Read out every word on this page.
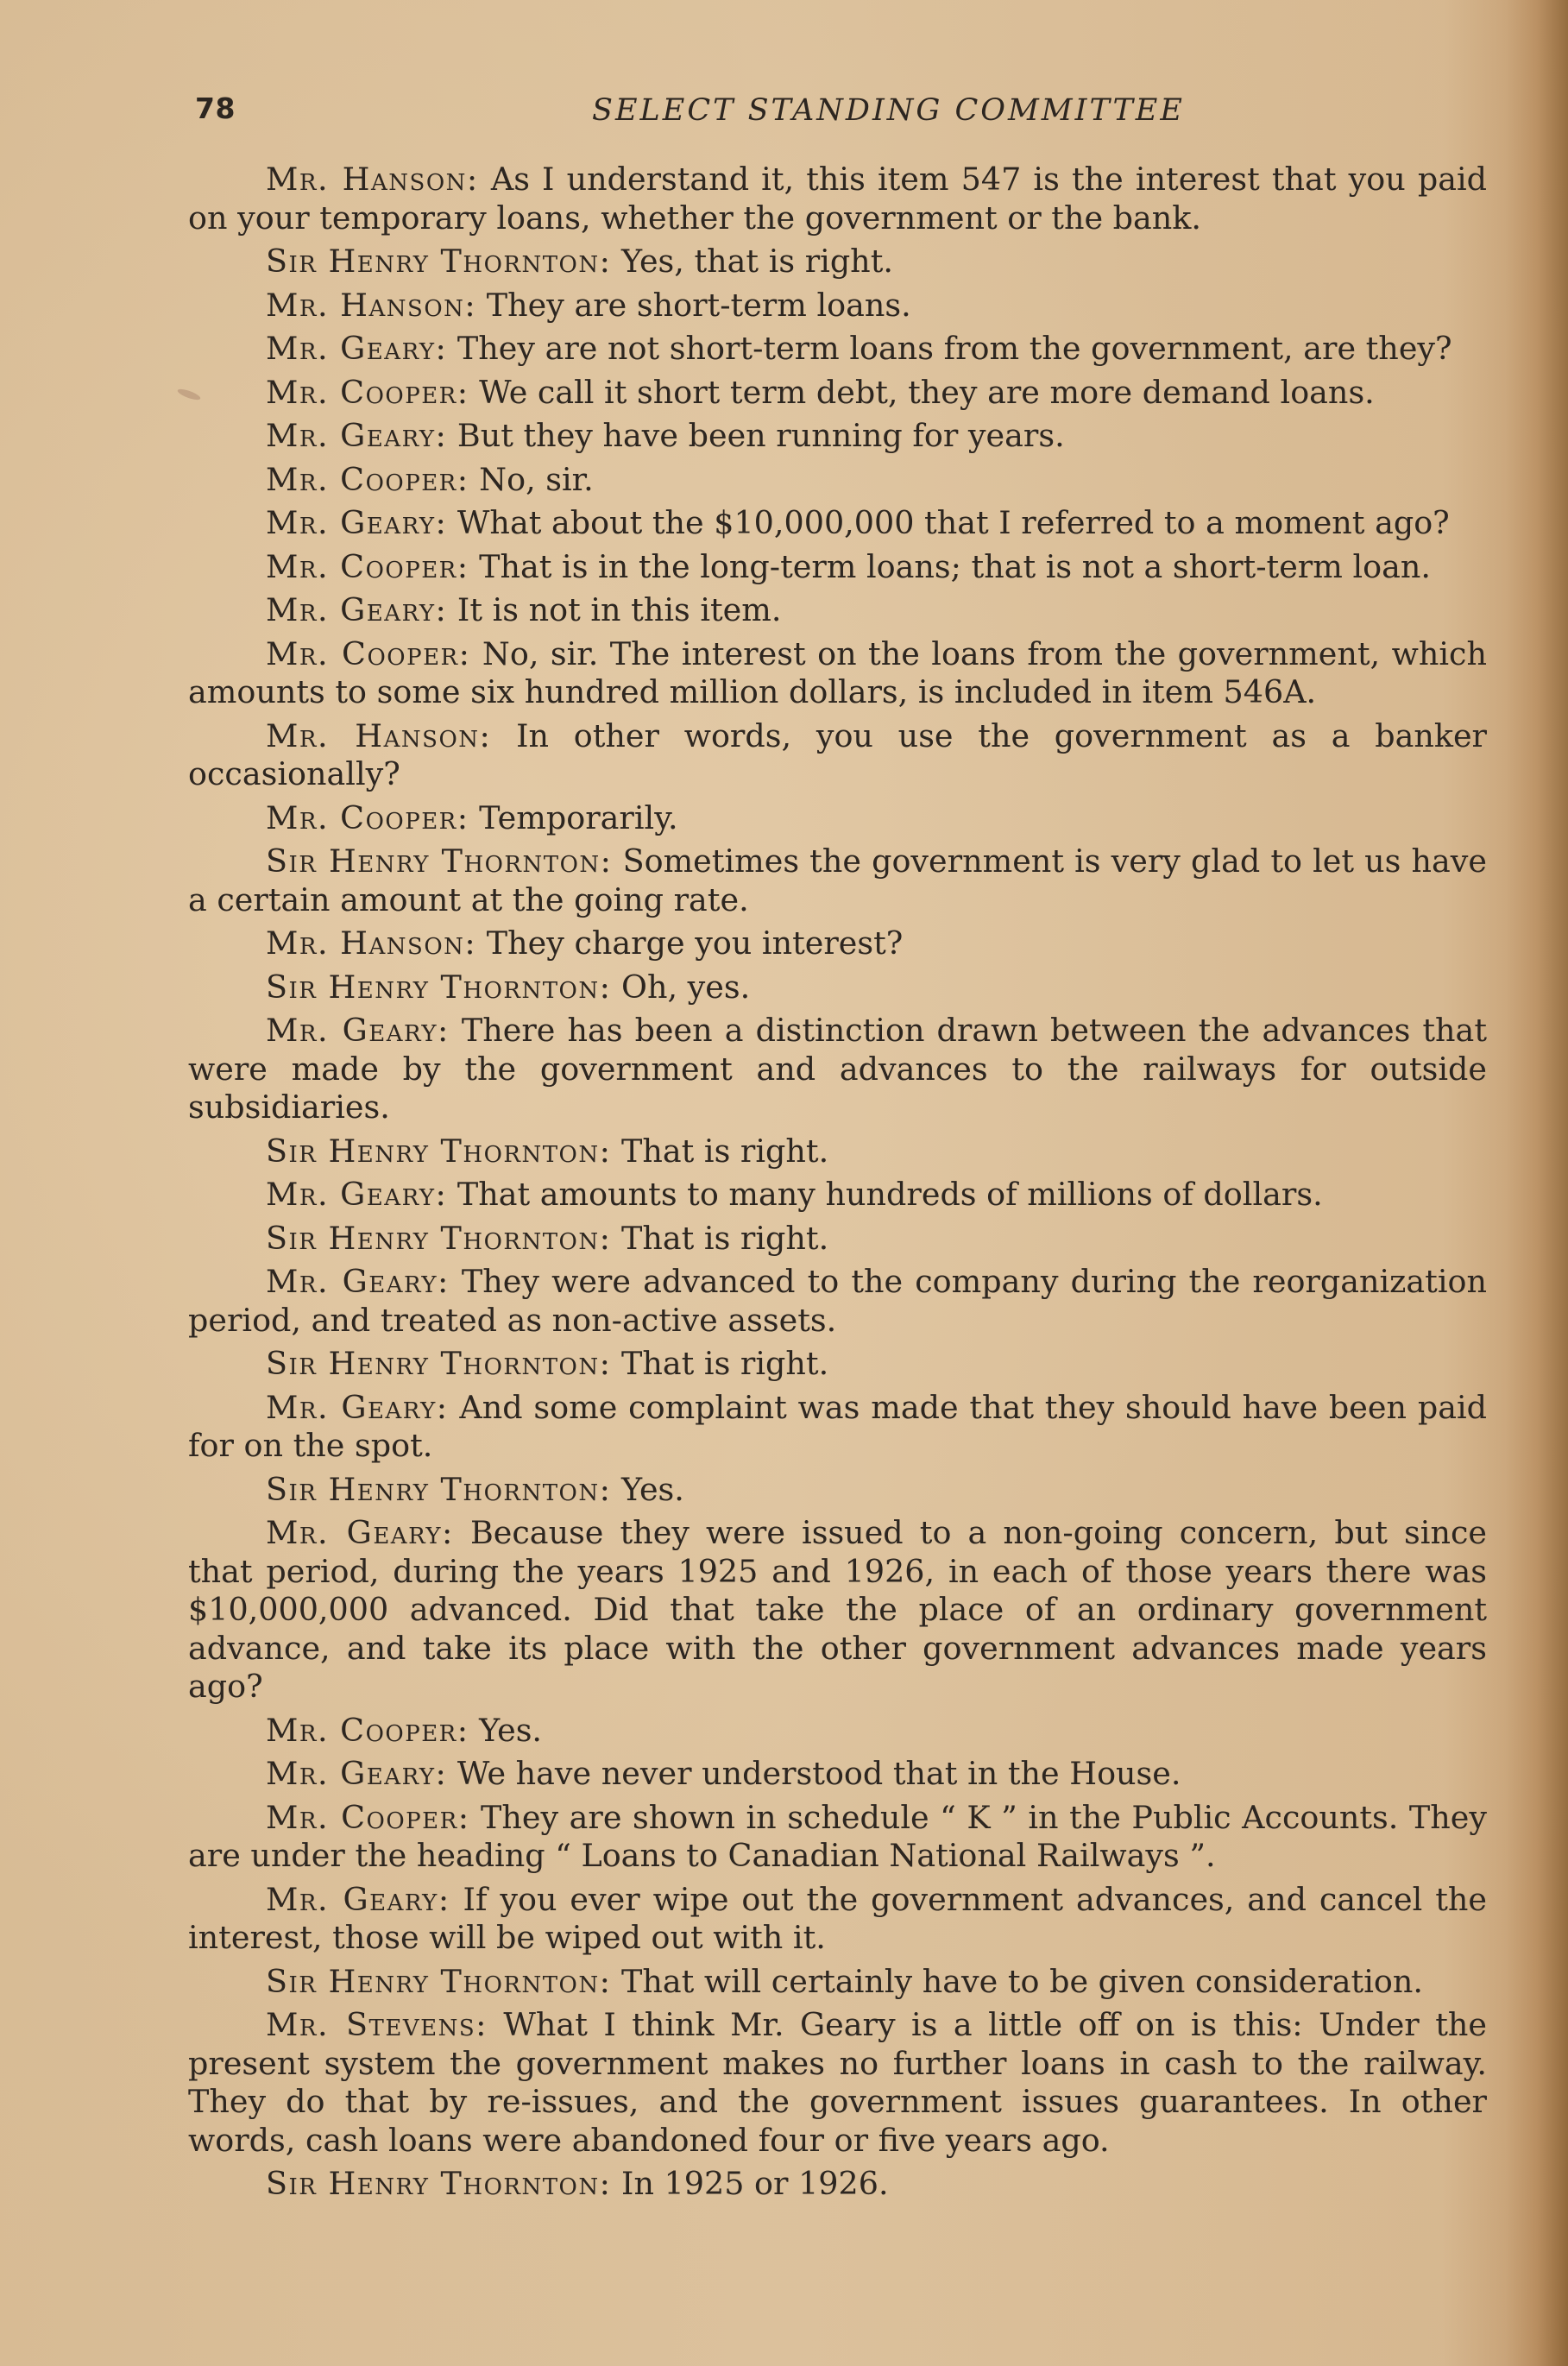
78	SELECT STANDING COMMITTEE

Mr. Hanson: As I understand it, this item 547 is the interest that you paid on your temporary loans, whether the government or the bank.

Sir Henry Thornton: Yes, that is right.

Mr. Hanson: They are short-term loans.

Mr. Geary: They are not short-term loans from the government, are they?

Mr. Cooper: We call it short term debt, they are more demand loans.

Mr. Geary: But they have been running for years.

Mr. Cooper: No, sir.

Mr. Geary: What about the $10,000,000 that I referred to a moment ago?

Mr. Cooper: That is in the long-term loans; that is not a short-term loan.

Mr. Geary: It is not in this item.

Mr. Cooper: No, sir. The interest on the loans from the government, which amounts to some six hundred million dollars, is included in item 546A.

Mr. Hanson: In other words, you use the government as a banker occasionally?

Mr. Cooper: Temporarily.

Sir Henry Thornton: Sometimes the government is very glad to let us have a certain amount at the going rate.

Mr. Hanson: They charge you interest?

Sir Henry Thornton: Oh, yes.

Mr. Geary: There has been a distinction drawn between the advances that were made by the government and advances to the railways for outside subsidiaries.

Sir Henry Thornton: That is right.

Mr. Geary: That amounts to many hundreds of millions of dollars.

Sir Henry Thornton: That is right.

Mr. Geary: They were advanced to the company during the reorganization period, and treated as non-active assets.

Sir Henry Thornton: That is right.

Mr. Geary: And some complaint was made that they should have been paid for on the spot.

Sir Henry Thornton: Yes.

Mr. Geary: Because they were issued to a non-going concern, but since that period, during the years 1925 and 1926, in each of those years there was $10,000,000 advanced. Did that take the place of an ordinary government advance, and take its place with the other government advances made years ago?

Mr. Cooper: Yes.

Mr. Geary: We have never understood that in the House.

Mr. Cooper: They are shown in schedule “ K ” in the Public Accounts. They are under the heading “ Loans to Canadian National Railways ”.

Mr. Geary: If you ever wipe out the government advances, and cancel the interest, those will be wiped out with it.

Sir Henry Thornton: That will certainly have to be given consideration.

Mr. Stevens: What I think Mr. Geary is a little off on is this: Under the present system the government makes no further loans in cash to the railway. They do that by re-issues, and the government issues guarantees. In other words, cash loans were abandoned four or five years ago.

Sir Henry Thornton: In 1925 or 1926.
